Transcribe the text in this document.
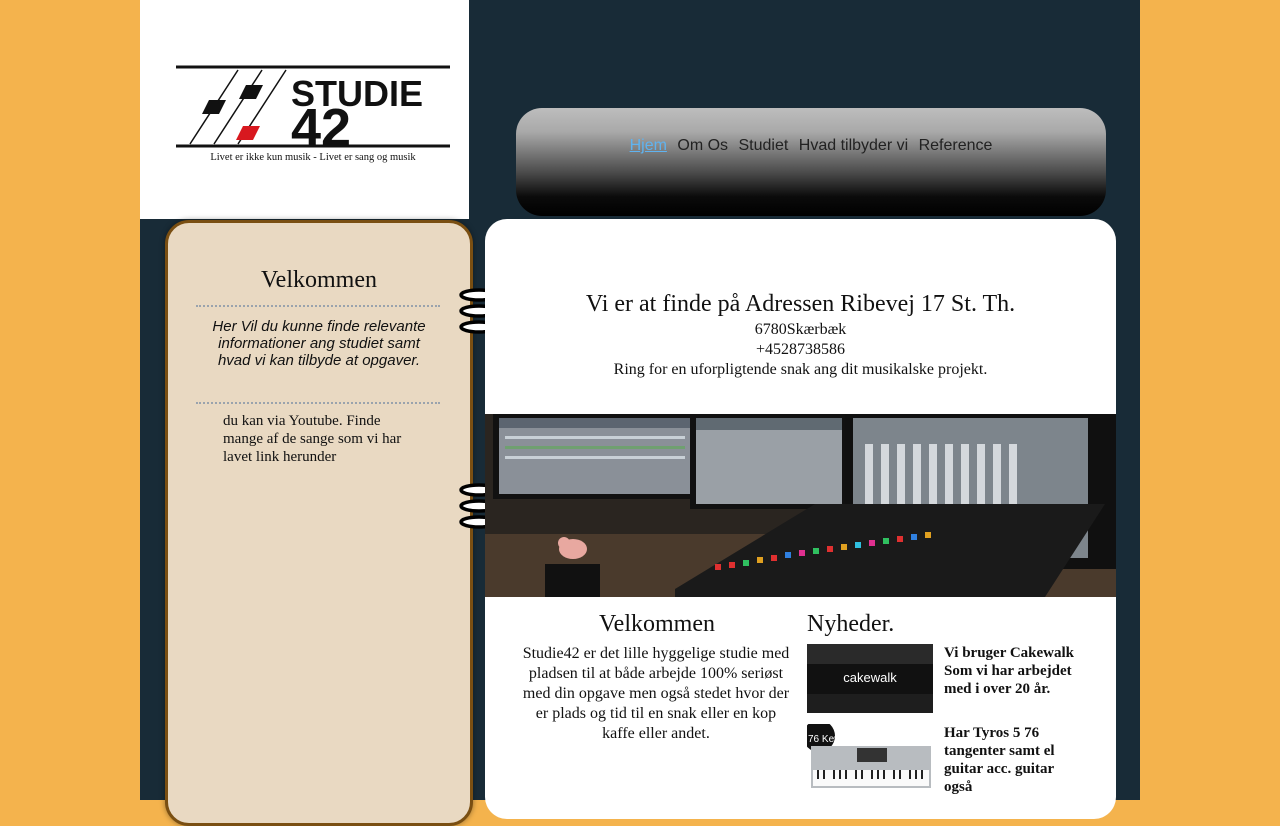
STUDIE
42
Livet er ikke kun musik - Livet er sang og musik
Hjem Om Os Studiet Hvad tilbyder vi Reference
Velkommen
Her Vil du kunne finde relevante informationer ang studiet samt hvad vi kan tilbyde at opgaver.
du kan via Youtube. Finde mange af de sange som vi har lavet link herunder
Vi er at finde på Adressen Ribevej 17 St. Th.
6780Skærbæk
+4528738586
Ring for en uforpligtende snak ang dit musikalske projekt.
Velkommen
Studie42 er det lille hyggelige studie med pladsen til at både arbejde 100% seriøst med din opgave men også stedet hvor der er plads og tid til en snak eller en kop kaffe eller andet.
Nyheder.
cakewalk
Vi bruger Cakewalk Som vi har arbejdet med i over 20 år.
76 Keys	Har Tyros 5 76 tangenter samt el guitar acc. guitar også
